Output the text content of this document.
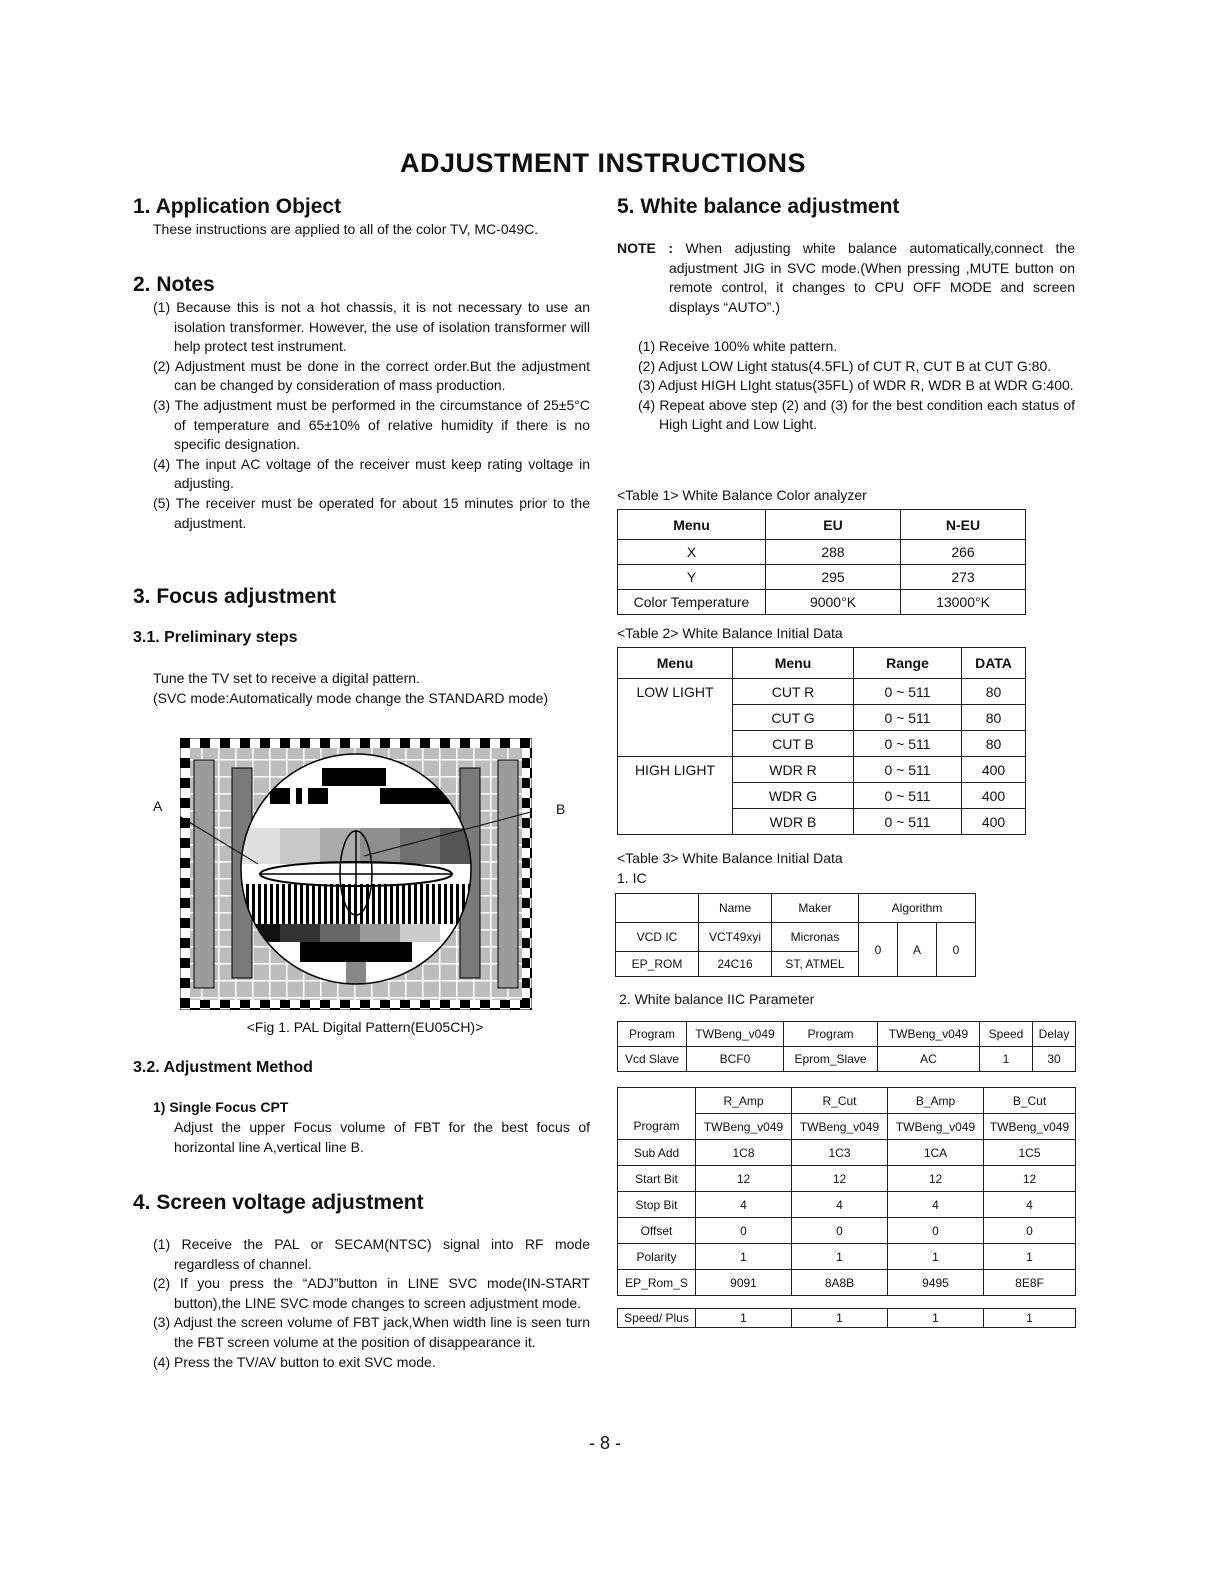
ADJUSTMENT INSTRUCTIONS
1. Application Object
These instructions are applied to all of the color TV, MC-049C.
2. Notes
(1) Because this is not a hot chassis, it is not necessary to use an isolation transformer. However, the use of isolation transformer will help protect test instrument.
(2) Adjustment must be done in the correct order.But the adjustment can be changed by consideration of mass production.
(3) The adjustment must be performed in the circumstance of 25±5°C of temperature and 65±10% of relative humidity if there is no specific designation.
(4) The input AC voltage of the receiver must keep rating voltage in adjusting.
(5) The receiver must be operated for about 15 minutes prior to the adjustment.
3. Focus adjustment
3.1. Preliminary steps
Tune the TV set to receive a digital pattern.
(SVC mode:Automatically mode change the STANDARD mode)
A	B
<Fig 1. PAL Digital Pattern(EU05CH)>
3.2. Adjustment Method
1) Single Focus CPT
Adjust the upper Focus volume of FBT for the best focus of horizontal line A,vertical line B.
4. Screen voltage adjustment
(1) Receive the PAL or SECAM(NTSC) signal into RF mode regardless of channel.
(2) If you press the “ADJ”button in LINE SVC mode(IN-START button),the LINE SVC mode changes to screen adjustment mode.
(3) Adjust the screen volume of FBT jack,When width line is seen turn the FBT screen volume at the position of disappearance it.
(4) Press the TV/AV button to exit SVC mode.
5. White balance adjustment
NOTE : When adjusting white balance automatically,connect the
adjustment JIG in SVC mode.(When pressing ,MUTE button on remote control, it changes to CPU OFF MODE and screen displays “AUTO”.)
(1) Receive 100% white pattern.
(2) Adjust LOW Light status(4.5FL) of CUT R, CUT B at CUT G:80.
(3) Adjust HIGH LIght status(35FL) of WDR R, WDR B at WDR G:400.
(4) Repeat above step (2) and (3) for the best condition each status of High Light and Low Light.
<Table 1> White Balance Color analyzer
Menu	EU	N-EU
X	288	266
Y	295	273
Color Temperature	9000°K	13000°K
<Table 2> White Balance Initial Data
Menu	Menu	Range	DATA
LOW LIGHT	CUT R	0 ~ 511	80
	CUT G	0 ~ 511	80
	CUT B	0 ~ 511	80
HIGH LIGHT	WDR R	0 ~ 511	400
	WDR G	0 ~ 511	400
	WDR B	0 ~ 511	400
<Table 3> White Balance Initial Data
1. IC
	Name	Maker	Algorithm		
VCD IC	VCT49xyi	Micronas	0	A	0
EP_ROM	24C16	ST, ATMEL			
2. White balance IIC Parameter
Program	TWBeng_v049	Program	TWBeng_v049	Speed	Delay
Vcd Slave	BCF0	Eprom_Slave	AC	1	30
	R_Amp	R_Cut	B_Amp	B_Cut
Program	TWBeng_v049	TWBeng_v049	TWBeng_v049	TWBeng_v049
Sub Add	1C8	1C3	1CA	1C5
Start Bit	12	12	12	12
Stop Bit	4	4	4	4
Offset	0	0	0	0
Polarity	1	1	1	1
EP_Rom_S	9091	8A8B	9495	8E8F
Speed/ Plus	1	1	1	1
- 8 -
